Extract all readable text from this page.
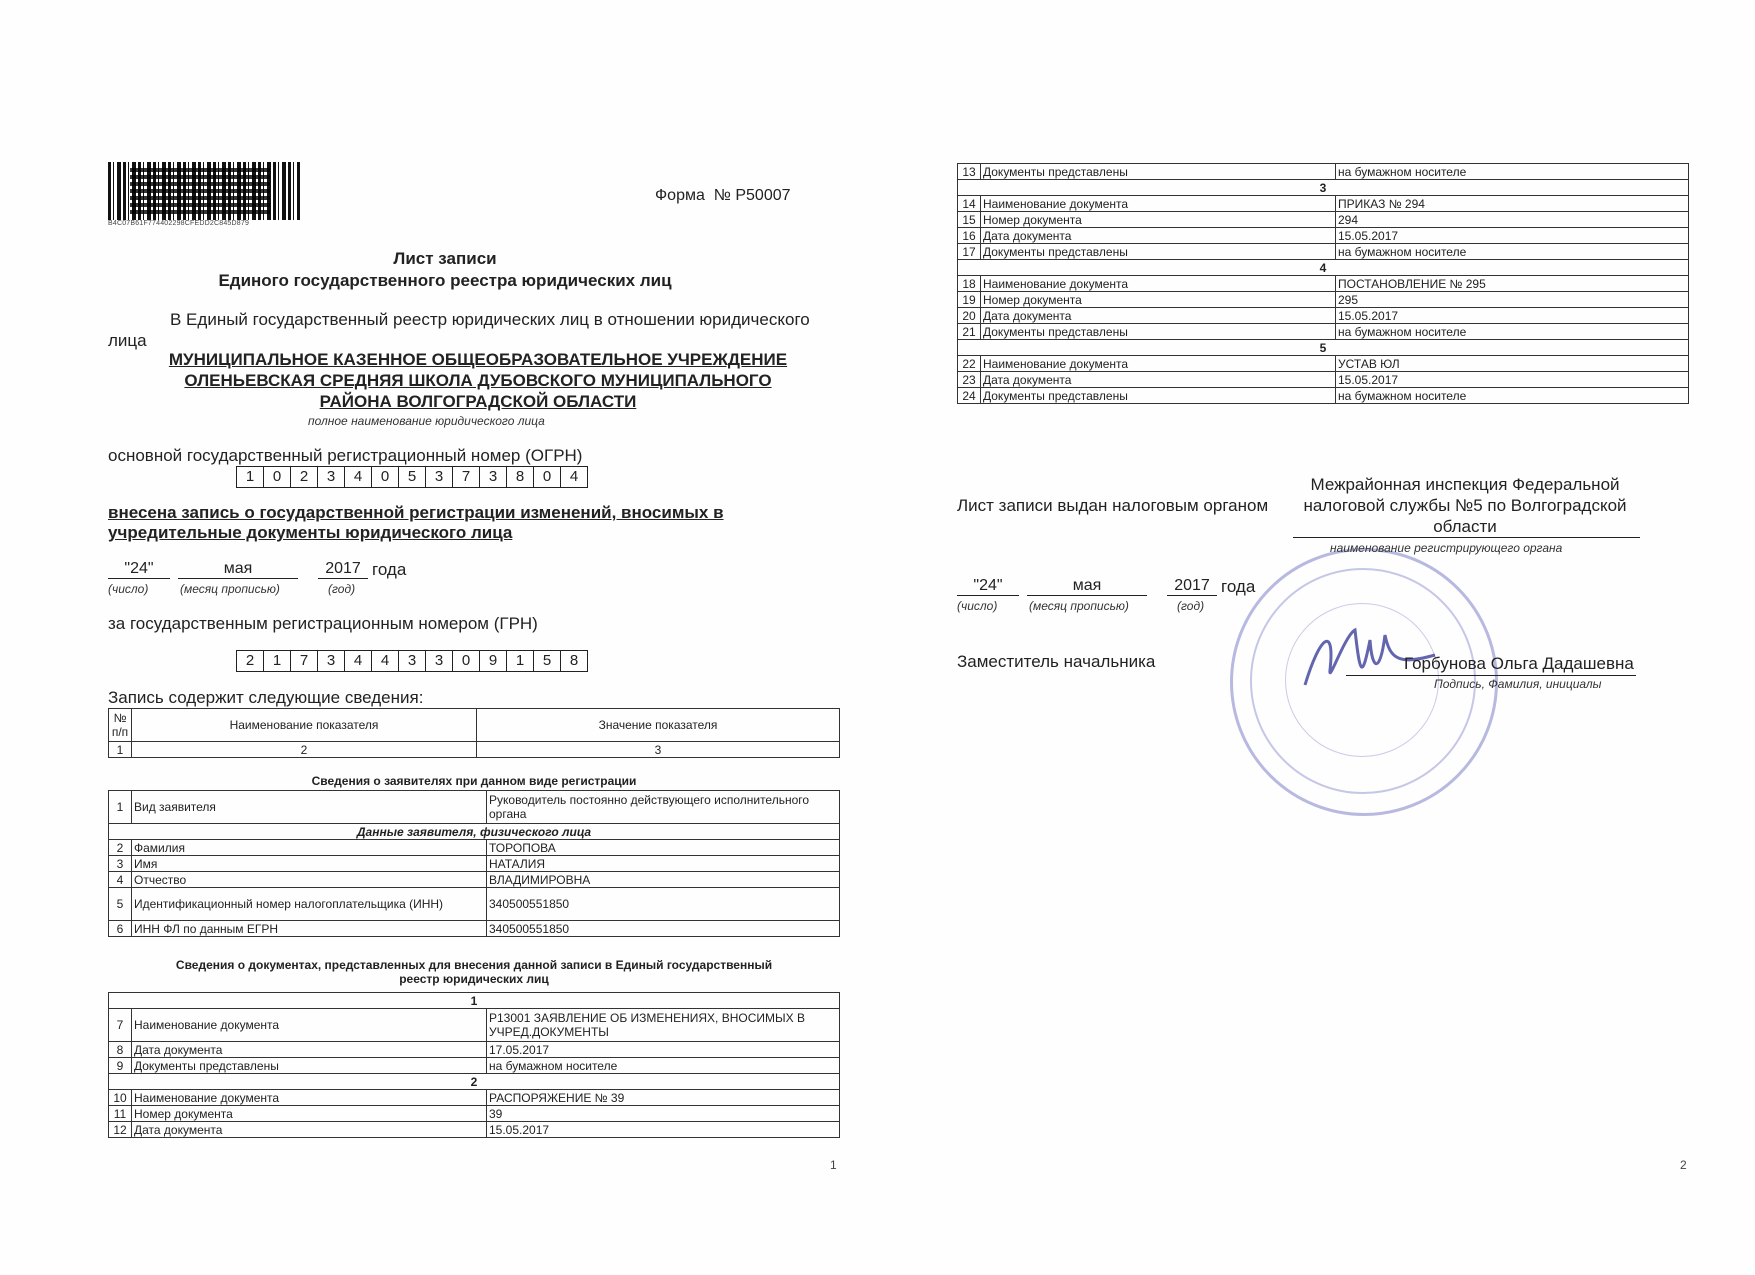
B4C07B61F774402298CFEDD2C845D879
Форма № Р50007
Лист записи
Единого государственного реестра юридических лиц
В Единый государственный реестр юридических лиц в отношении юридического
лица
МУНИЦИПАЛЬНОЕ КАЗЕННОЕ ОБЩЕОБРАЗОВАТЕЛЬНОЕ УЧРЕЖДЕНИЕ
ОЛЕНЬЕВСКАЯ СРЕДНЯЯ ШКОЛА ДУБОВСКОГО МУНИЦИПАЛЬНОГО
РАЙОНА ВОЛГОГРАДСКОЙ ОБЛАСТИ
полное наименование юридического лица
основной государственный регистрационный номер (ОГРН)
1	0	2	3	4	0	5	3	7	3	8	0	4
внесена запись о государственной регистрации изменений, вносимых в
учредительные документы юридического лица
"24"	мая	2017 года
(число)	(месяц прописью)	(год)
за государственным регистрационным номером (ГРН)
2	1	7	3	4	4	3	3	0	9	1	5	8
Запись содержит следующие сведения:
№ п/п	Наименование показателя	Значение показателя
1	2	3
Сведения о заявителях при данном виде регистрации
1	Вид заявителя	Руководитель постоянно действующего исполнительного органа
Данные заявителя, физического лица		
2	Фамилия	ТОРОПОВА
3	Имя	НАТАЛИЯ
4	Отчество	ВЛАДИМИРОВНА
5	Идентификационный номер налогоплательщика (ИНН)	340500551850
6	ИНН ФЛ по данным ЕГРН	340500551850
Сведения о документах, представленных для внесения данной записи в Единый государственный
реестр юридических лиц
1		
7	Наименование документа	Р13001 ЗАЯВЛЕНИЕ ОБ ИЗМЕНЕНИЯХ, ВНОСИМЫХ В УЧРЕД.ДОКУМЕНТЫ
8	Дата документа	17.05.2017
9	Документы представлены	на бумажном носителе
2		
10	Наименование документа	РАСПОРЯЖЕНИЕ № 39
11	Номер документа	39
12	Дата документа	15.05.2017
1
13	Документы представлены	на бумажном носителе
3		
14	Наименование документа	ПРИКАЗ № 294
15	Номер документа	294
16	Дата документа	15.05.2017
17	Документы представлены	на бумажном носителе
4		
18	Наименование документа	ПОСТАНОВЛЕНИЕ № 295
19	Номер документа	295
20	Дата документа	15.05.2017
21	Документы представлены	на бумажном носителе
5		
22	Наименование документа	УСТАВ ЮЛ
23	Дата документа	15.05.2017
24	Документы представлены	на бумажном носителе
Лист записи выдан налоговым органом
Межрайонная инспекция Федеральной
налоговой службы №5 по Волгоградской
области
наименование регистрирующего органа
"24"	мая	2017 года
(число)	(месяц прописью)	(год)
Заместитель начальника	Горбунова Ольга Дадашевна
Подпись, Фамилия, инициалы
2
